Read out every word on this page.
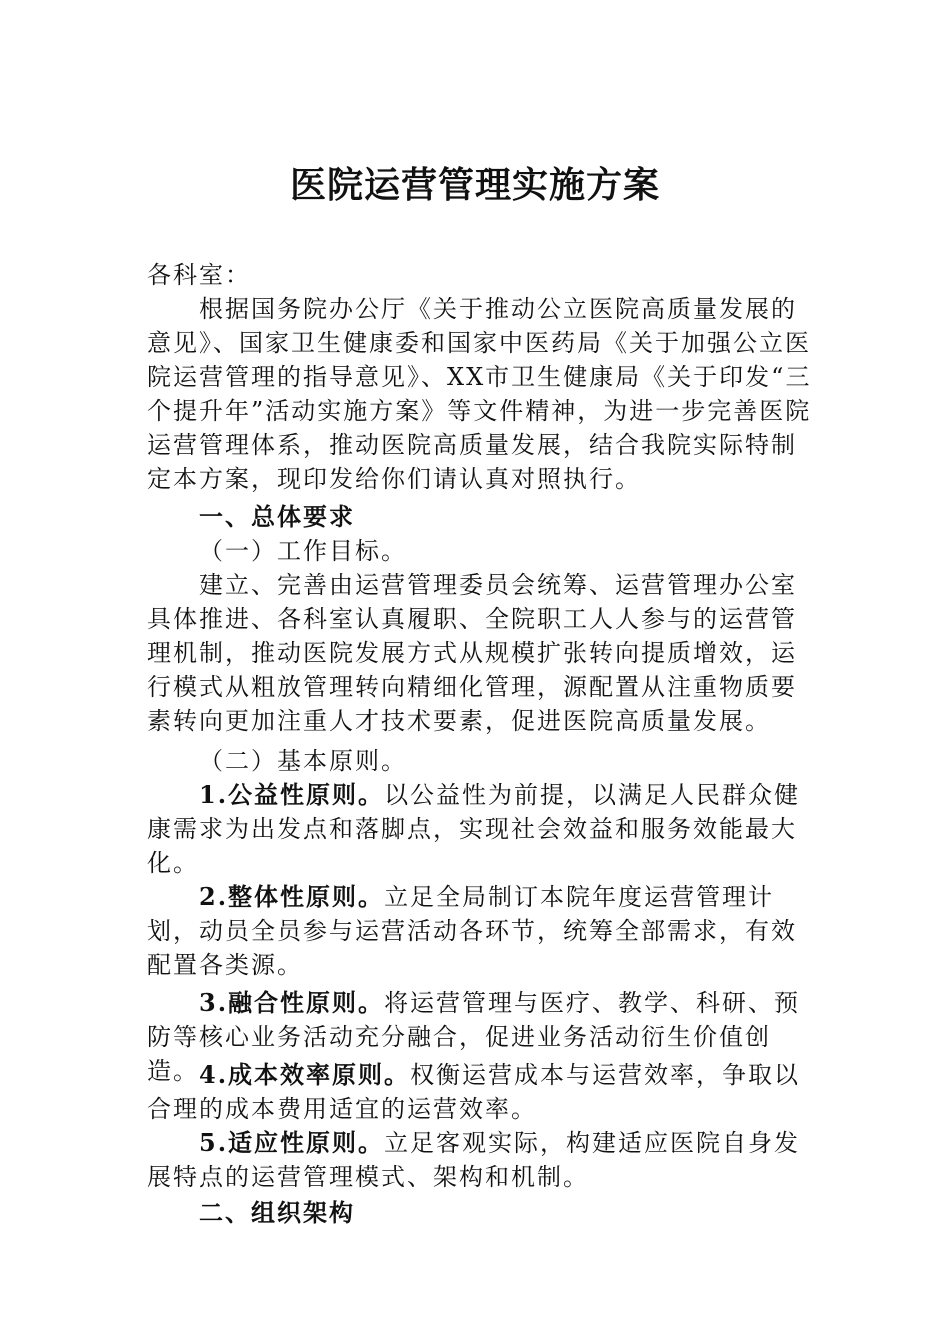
医院运营管理实施方案
各科室：
根据国务院办公厅《关于推动公立医院高质量发展的意见》、国家卫生健康委和国家中医药局《关于加强公立医院运营管理的指导意见》、XX市卫生健康局《关于印发“三个提升年”活动实施方案》等文件精神，为进一步完善医院运营管理体系，推动医院高质量发展，结合我院实际特制定本方案，现印发给你们请认真对照执行。
一、总体要求
（一）工作目标。
建立、完善由运营管理委员会统筹、运营管理办公室具体推进、各科室认真履职、全院职工人人参与的运营管理机制，推动医院发展方式从规模扩张转向提质增效，运行模式从粗放管理转向精细化管理，源配置从注重物质要素转向更加注重人才技术要素，促进医院高质量发展。
（二）基本原则。
1.公益性原则。以公益性为前提，以满足人民群众健康需求为出发点和落脚点，实现社会效益和服务效能最大化。
2.整体性原则。立足全局制订本院年度运营管理计划，动员全员参与运营活动各环节，统筹全部需求，有效配置各类源。
3.融合性原则。将运营管理与医疗、教学、科研、预防等核心业务活动充分融合，促进业务活动衍生价值创造。 4.成本效率原则。权衡运营成本与运营效率，争取以合理的成本费用适宜的运营效率。
5.适应性原则。立足客观实际，构建适应医院自身发展特点的运营管理模式、架构和机制。
二、组织架构
